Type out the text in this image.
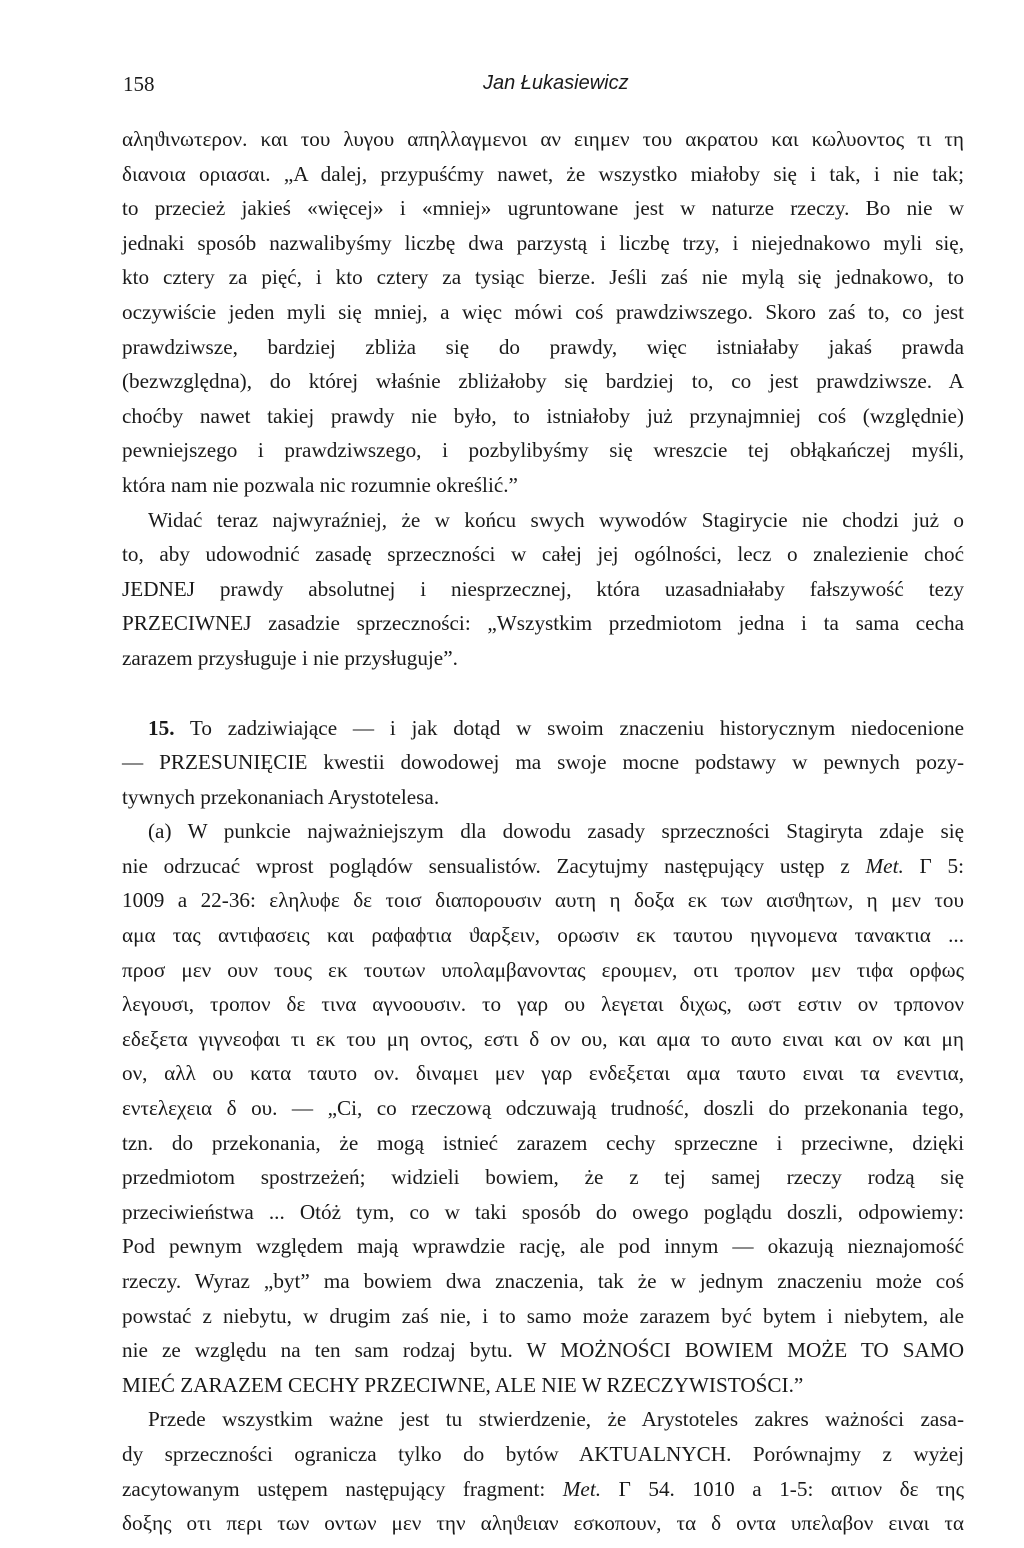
158	Jan Łukasiewicz
αληϑινωτερον. και του λυγου απηλλαγμενοι αν ειημεν του ακρατου και κωλυοντος τι τη
διανοια οριασαι. „A dalej, przypuśćmy nawet, że wszystko miałoby się i tak, i nie tak;
to przecież jakieś «więcej» i «mniej» ugruntowane jest w naturze rzeczy. Bo nie w
jednaki sposób nazwalibyśmy liczbę dwa parzystą i liczbę trzy, i niejednakowo myli się,
kto cztery za pięć, i kto cztery za tysiąc bierze. Jeśli zaś nie mylą się jednakowo, to
oczywiście jeden myli się mniej, a więc mówi coś prawdziwszego. Skoro zaś to, co jest
prawdziwsze, bardziej zbliża się do prawdy, więc istniałaby jakaś prawda
(bezwzględna), do której właśnie zbliżałoby się bardziej to, co jest prawdziwsze. A
choćby nawet takiej prawdy nie było, to istniałoby już przynajmniej coś (względnie)
pewniejszego i prawdziwszego, i pozbylibyśmy się wreszcie tej obłąkańczej myśli,
która nam nie pozwala nic rozumnie określić.”
Widać teraz najwyraźniej, że w końcu swych wywodów Stagirycie nie chodzi już o
to, aby udowodnić zasadę sprzeczności w całej jej ogólności, lecz o znalezienie choć
JEDNEJ prawdy absolutnej i niesprzecznej, która uzasadniałaby fałszywość tezy
PRZECIWNEJ zasadzie sprzeczności: „Wszystkim przedmiotom jedna i ta sama cecha
zarazem przysługuje i nie przysługuje”.
15. To zadziwiające — i jak dotąd w swoim znaczeniu historycznym niedocenione
— PRZESUNIĘCIE kwestii dowodowej ma swoje mocne podstawy w pewnych pozy-
tywnych przekonaniach Arystotelesa.
(a) W punkcie najważniejszym dla dowodu zasady sprzeczności Stagiryta zdaje się
nie odrzucać wprost poglądów sensualistów. Zacytujmy następujący ustęp z Met. Γ 5:
1009 a 22-36: εληλυϕε δε τοισ διαπορουσιν αυτη η δοξα εκ των αισϑητων, η μεν του
αμα τας αντιϕασεις και ραϕαϕτια ϑαρξειν, ορωσιν εκ ταυτου ηιγνομενα τανακτια ...
προσ μεν ουν τους εκ τουτων υπολαμβανοντας ερουμεν, οτι τροπον μεν τιϕα ορϕως
λεγουσι, τροπον δε τινα αγνοουσιν. το γαρ ου λεγεται διχως, ωστ εστιν ον τρπονον
εδεξετα γιγνεοϕαι τι εκ του μη οντος, εστι δ ον ου, και αμα το αυτο ειναι και ον και μη
ον, αλλ ου κατα ταυτο ον. διναμει μεν γαρ ενδεξεται αμα ταυτο ειναι τα ενεντια,
εντελεχεια δ ου. — „Ci, co rzeczową odczuwają trudność, doszli do przekonania tego,
tzn. do przekonania, że mogą istnieć zarazem cechy sprzeczne i przeciwne, dzięki
przedmiotom spostrzeżeń; widzieli bowiem, że z tej samej rzeczy rodzą się
przeciwieństwa ... Otóż tym, co w taki sposób do owego poglądu doszli, odpowiemy:
Pod pewnym względem mają wprawdzie rację, ale pod innym — okazują nieznajomość
rzeczy. Wyraz „byt” ma bowiem dwa znaczenia, tak że w jednym znaczeniu może coś
powstać z niebytu, w drugim zaś nie, i to samo może zarazem być bytem i niebytem, ale
nie ze względu na ten sam rodzaj bytu. W MOŻNOŚCI BOWIEM MOŻE TO SAMO
MIEĆ ZARAZEM CECHY PRZECIWNE, ALE NIE W RZECZYWISTOŚCI.”
Przede wszystkim ważne jest tu stwierdzenie, że Arystoteles zakres ważności zasa-
dy sprzeczności ogranicza tylko do bytów AKTUALNYCH. Porównajmy z wyżej
zacytowanym ustępem następujący fragment: Met. Γ 54. 1010 a 1-5: αιτιον δε της
δοξης οτι περι των οντων μεν την αληϑειαν εσκοπουν, τα δ οντα υπελαβον ειναι τα
